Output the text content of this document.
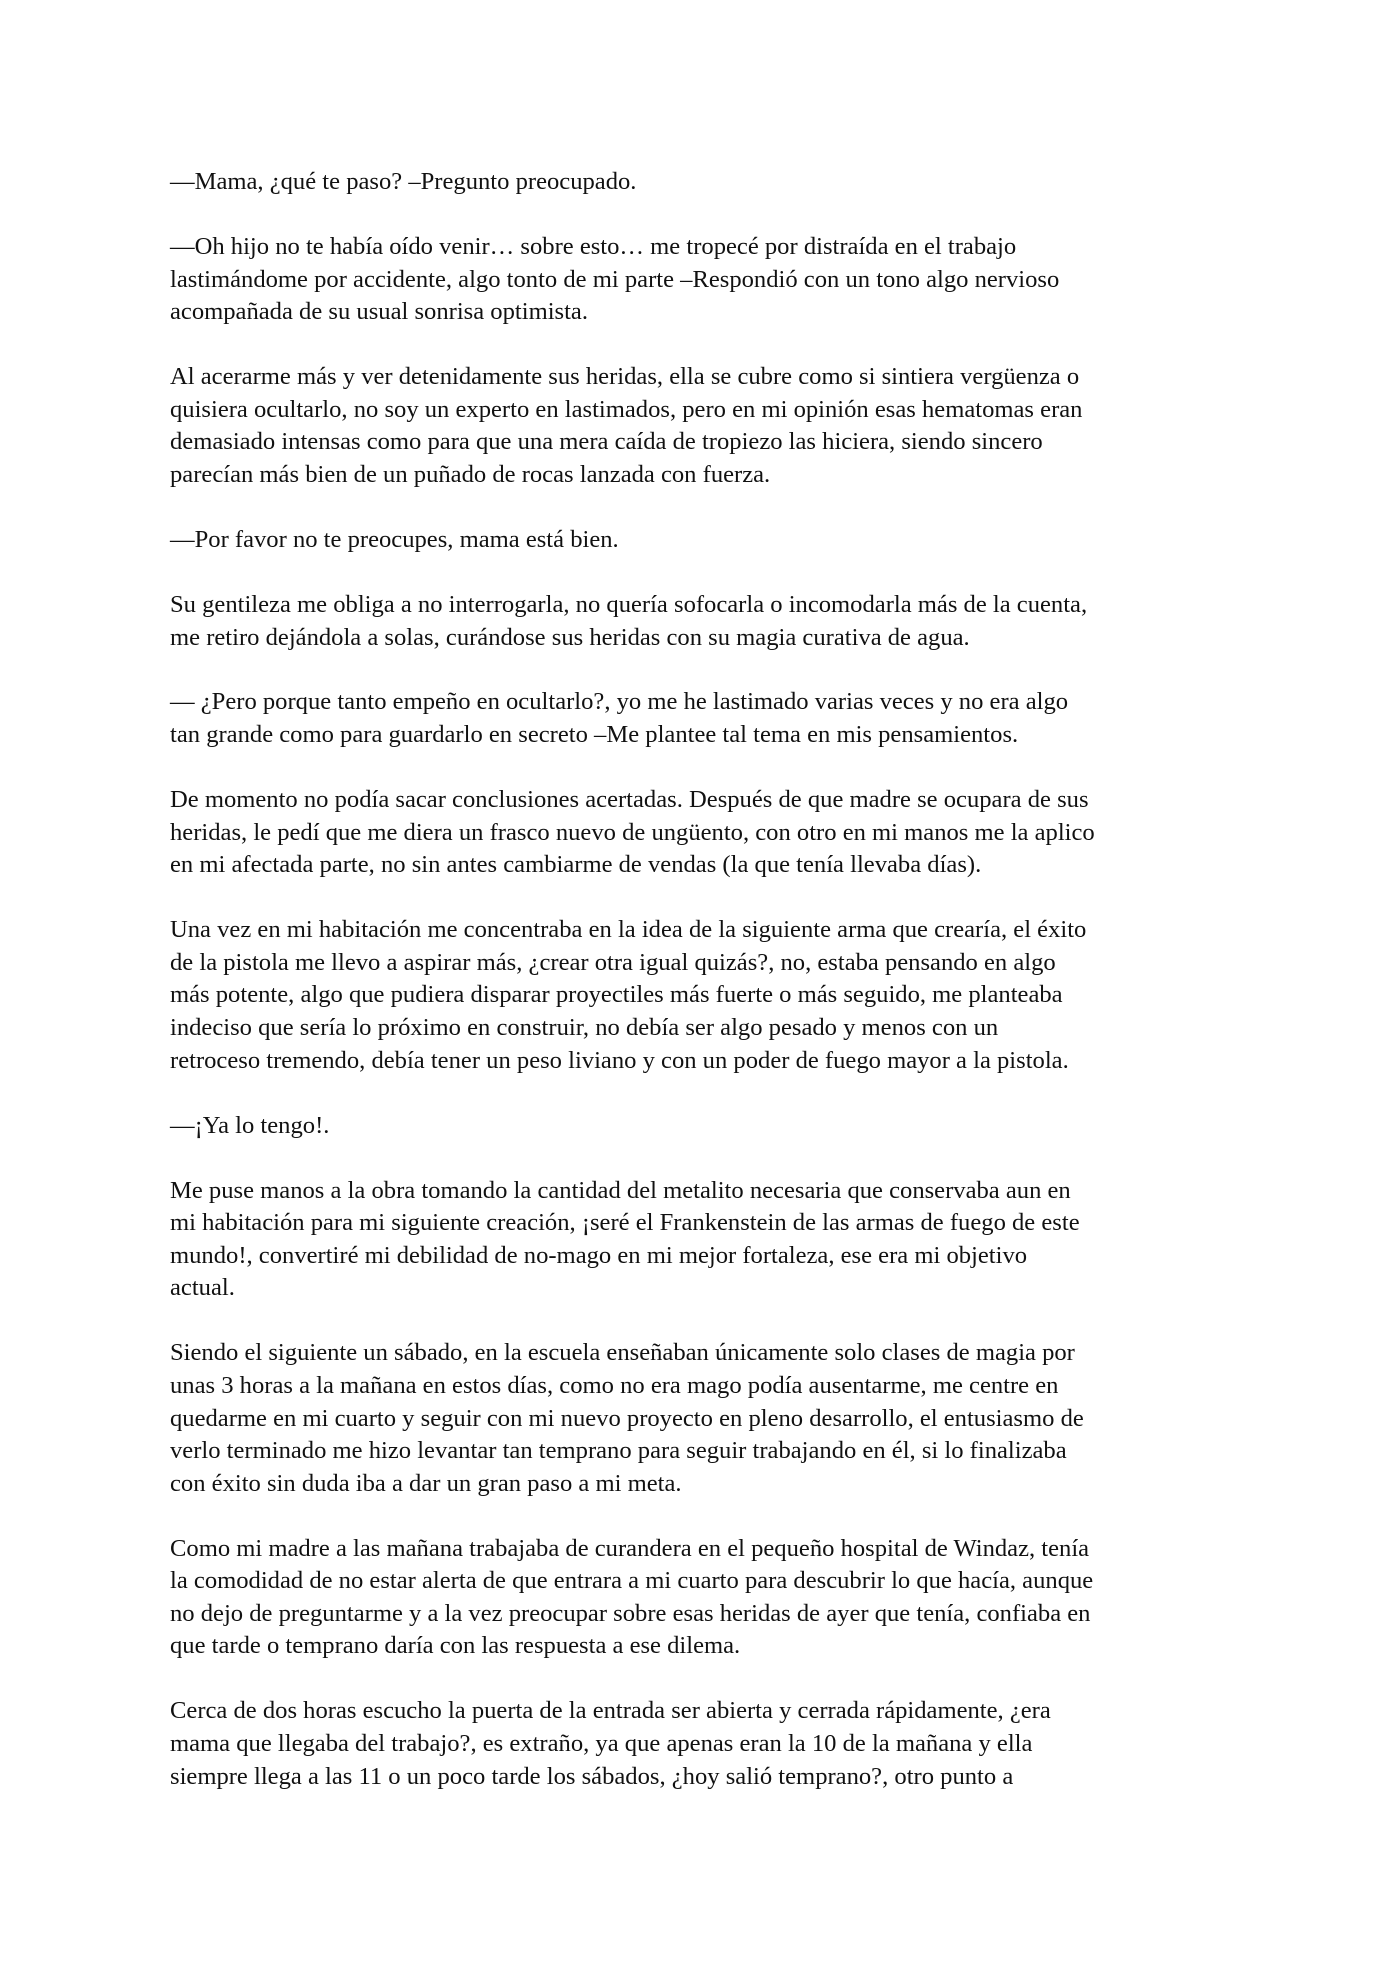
—Mama, ¿qué te paso? –Pregunto preocupado.

—Oh hijo no te había oído venir… sobre esto… me tropecé por distraída en el trabajo
lastimándome por accidente, algo tonto de mi parte –Respondió con un tono algo nervioso
acompañada de su usual sonrisa optimista.

Al acerarme más y ver detenidamente sus heridas, ella se cubre como si sintiera vergüenza o
quisiera ocultarlo, no soy un experto en lastimados, pero en mi opinión esas hematomas eran
demasiado intensas como para que una mera caída de tropiezo las hiciera, siendo sincero
parecían más bien de un puñado de rocas lanzada con fuerza.

—Por favor no te preocupes, mama está bien.

Su gentileza me obliga a no interrogarla, no quería sofocarla o incomodarla más de la cuenta,
me retiro dejándola a solas, curándose sus heridas con su magia curativa de agua.

— ¿Pero porque tanto empeño en ocultarlo?, yo me he lastimado varias veces y no era algo
tan grande como para guardarlo en secreto –Me plantee tal tema en mis pensamientos.

De momento no podía sacar conclusiones acertadas. Después de que madre se ocupara de sus
heridas, le pedí que me diera un frasco nuevo de ungüento, con otro en mi manos me la aplico
en mi afectada parte, no sin antes cambiarme de vendas (la que tenía llevaba días).

Una vez en mi habitación me concentraba en la idea de la siguiente arma que crearía, el éxito
de la pistola me llevo a aspirar más, ¿crear otra igual quizás?, no, estaba pensando en algo
más potente, algo que pudiera disparar proyectiles más fuerte o más seguido, me planteaba
indeciso que sería lo próximo en construir, no debía ser algo pesado y menos con un
retroceso tremendo, debía tener un peso liviano y con un poder de fuego mayor a la pistola.

—¡Ya lo tengo!.

Me puse manos a la obra tomando la cantidad del metalito necesaria que conservaba aun en
mi habitación para mi siguiente creación, ¡seré el Frankenstein de las armas de fuego de este
mundo!, convertiré mi debilidad de no-mago en mi mejor fortaleza, ese era mi objetivo
actual.

Siendo el siguiente un sábado, en la escuela enseñaban únicamente solo clases de magia por
unas 3 horas a la mañana en estos días, como no era mago podía ausentarme, me centre en
quedarme en mi cuarto y seguir con mi nuevo proyecto en pleno desarrollo, el entusiasmo de
verlo terminado me hizo levantar tan temprano para seguir trabajando en él, si lo finalizaba
con éxito sin duda iba a dar un gran paso a mi meta.

Como mi madre a las mañana trabajaba de curandera en el pequeño hospital de Windaz, tenía
la comodidad de no estar alerta de que entrara a mi cuarto para descubrir lo que hacía, aunque
no dejo de preguntarme y a la vez preocupar sobre esas heridas de ayer que tenía, confiaba en
que tarde o temprano daría con las respuesta a ese dilema.

Cerca de dos horas escucho la puerta de la entrada ser abierta y cerrada rápidamente, ¿era
mama que llegaba del trabajo?, es extraño, ya que apenas eran la 10 de la mañana y ella
siempre llega a las 11 o un poco tarde los sábados, ¿hoy salió temprano?, otro punto a
